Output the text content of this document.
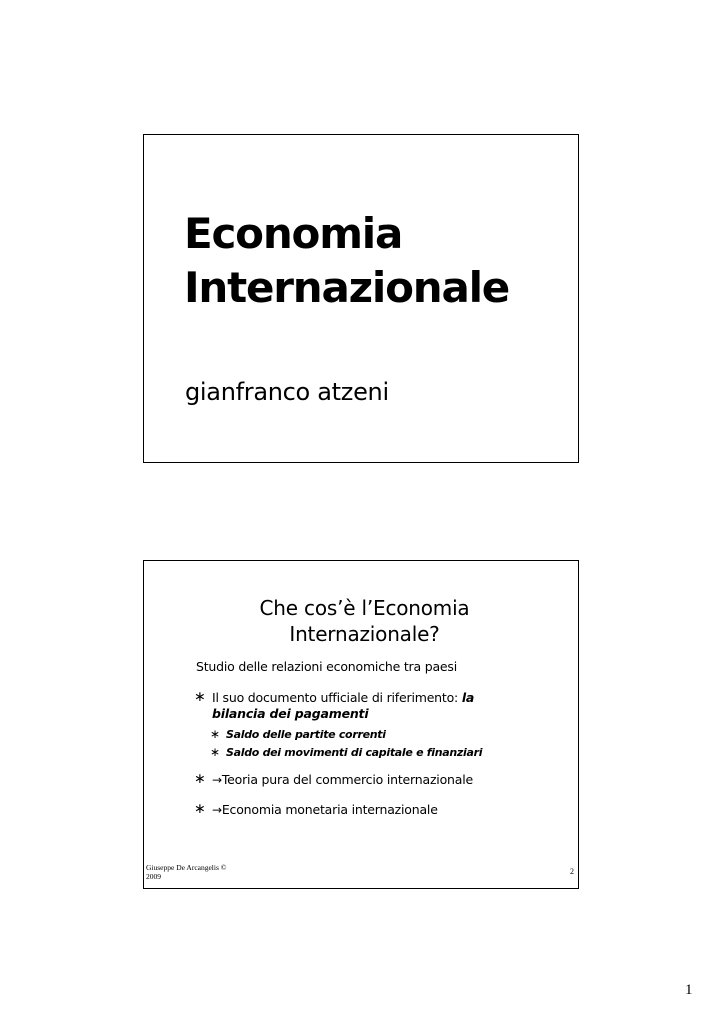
Economia
Internazionale
gianfranco atzeni
Che cos’è l’Economia
Internazionale?
Studio delle relazioni economiche tra paesi
∗ Il suo documento ufficiale di riferimento: la
bilancia dei pagamenti
∗ Saldo delle partite correnti
∗ Saldo dei movimenti di capitale e finanziari
∗ →Teoria pura del commercio internazionale
∗ →Economia monetaria internazionale
Giuseppe De Arcangelis ©
2009
2
1
